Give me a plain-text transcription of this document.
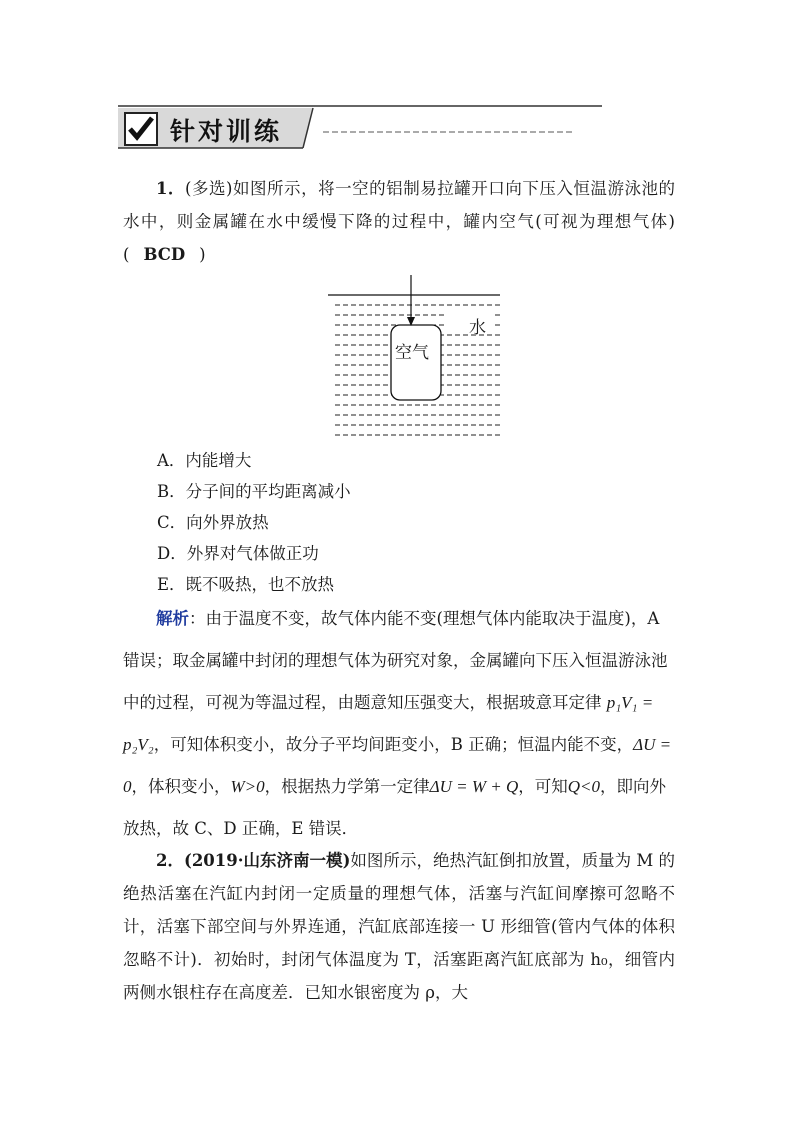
针对训练
1．(多选)如图所示，将一空的铝制易拉罐开口向下压入恒温游泳池的水中，则金属罐在水中缓慢下降的过程中，罐内空气(可视为理想气体)( BCD )
水
空气
A．内能增大
B．分子间的平均距离减小
C．向外界放热
D．外界对气体做正功
E．既不吸热，也不放热
解析：由于温度不变，故气体内能不变(理想气体内能取决于温度)，A 错误；取金属罐中封闭的理想气体为研究对象，金属罐向下压入恒温游泳池中的过程，可视为等温过程，由题意知压强变大，根据玻意耳定律 p₁V₁ = p₂V₂，可知体积变小，故分子平均间距变小，B 正确；恒温内能不变，ΔU = 0，体积变小，W>0，根据热力学第一定律ΔU = W + Q，可知Q<0，即向外放热，故 C、D 正确，E 错误．
2．(2019·山东济南一模)如图所示，绝热汽缸倒扣放置，质量为 M 的绝热活塞在汽缸内封闭一定质量的理想气体，活塞与汽缸间摩擦可忽略不计，活塞下部空间与外界连通，汽缸底部连接一 U 形细管(管内气体的体积忽略不计)．初始时，封闭气体温度为 T，活塞距离汽缸底部为 h₀，细管内两侧水银柱存在高度差．已知水银密度为 ρ，大
